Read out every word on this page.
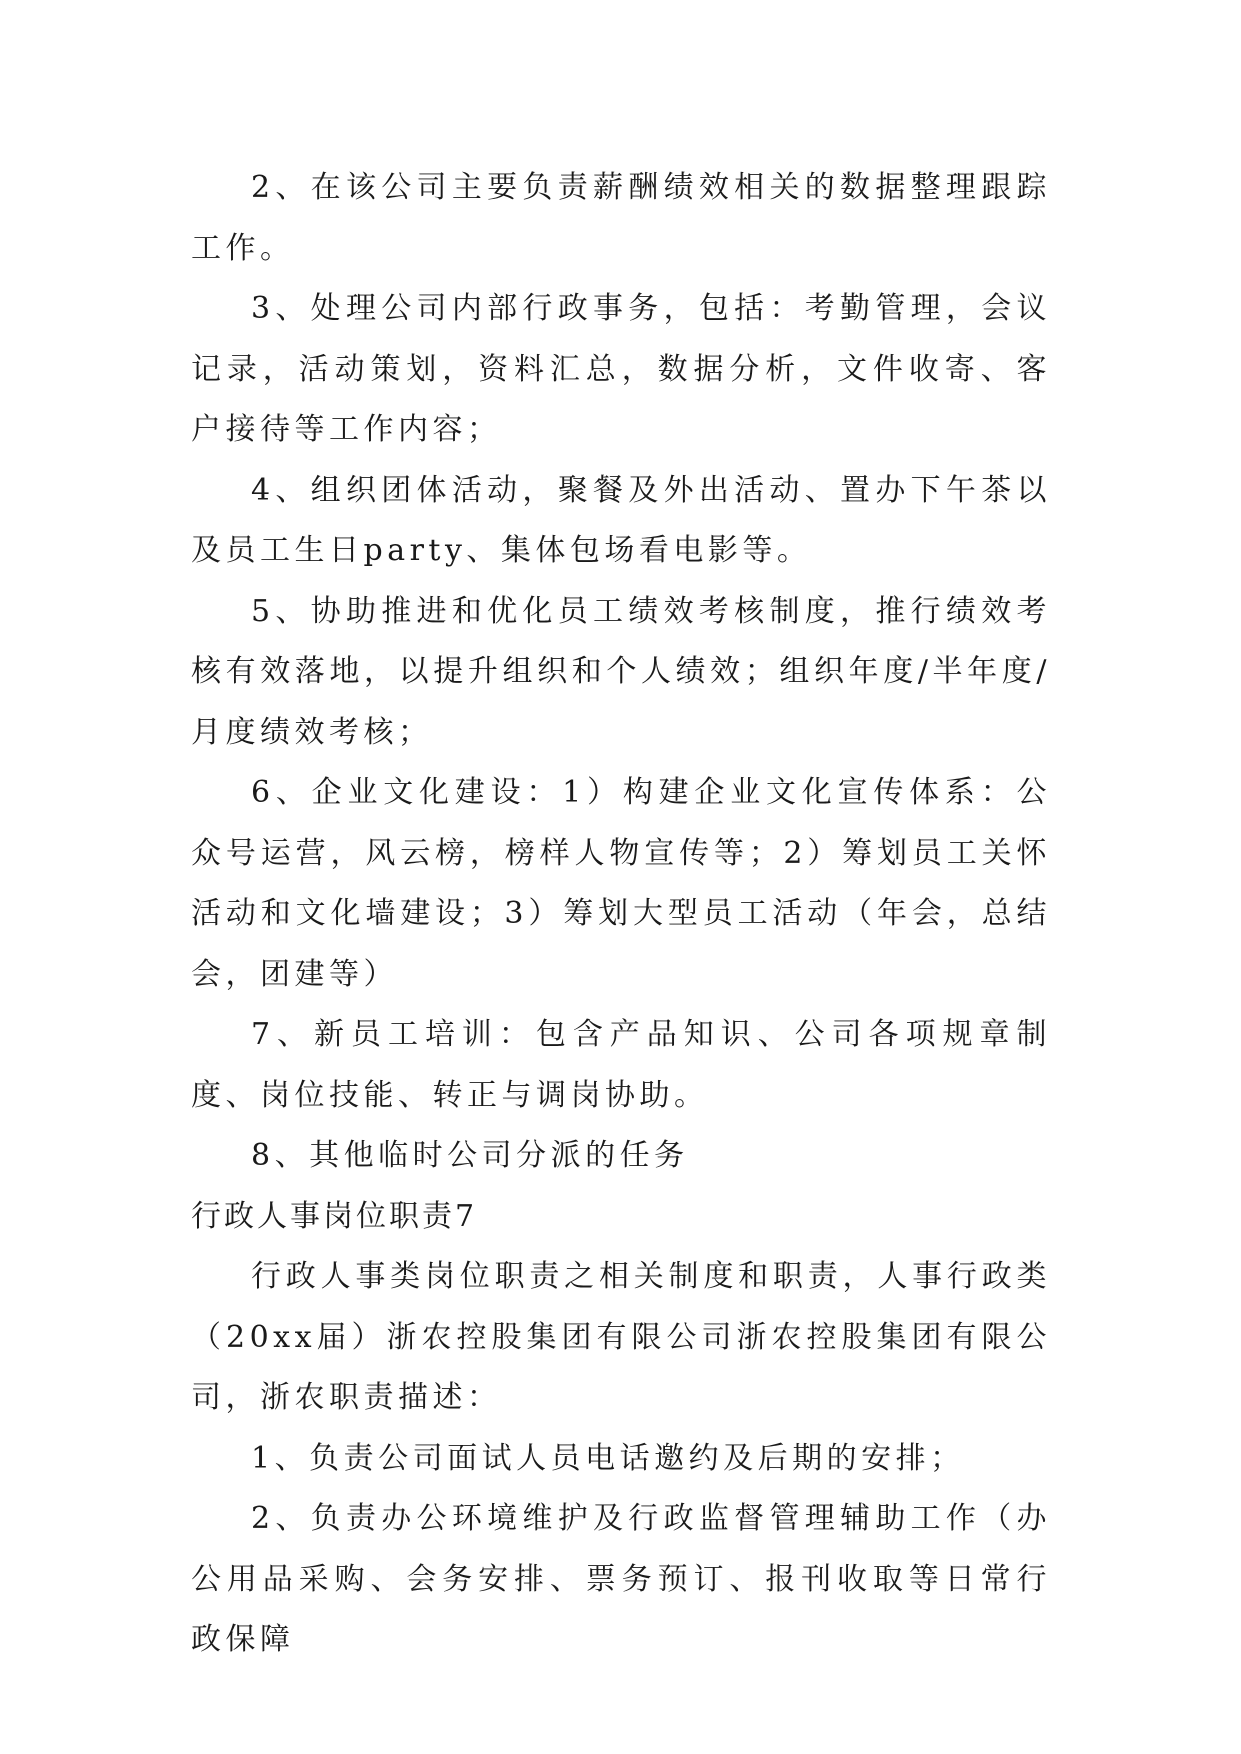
2、在该公司主要负责薪酬绩效相关的数据整理跟踪工作。

3、处理公司内部行政事务，包括：考勤管理，会议记录，活动策划，资料汇总，数据分析，文件收寄、客户接待等工作内容；

4、组织团体活动，聚餐及外出活动、置办下午茶以及员工生日party、集体包场看电影等。

5、协助推进和优化员工绩效考核制度，推行绩效考核有效落地，以提升组织和个人绩效；组织年度/半年度/月度绩效考核；

6、企业文化建设：1）构建企业文化宣传体系：公众号运营，风云榜，榜样人物宣传等；2）筹划员工关怀活动和文化墙建设；3）筹划大型员工活动（年会，总结会，团建等）

7、新员工培训：包含产品知识、公司各项规章制度、岗位技能、转正与调岗协助。

8、其他临时公司分派的任务

行政人事岗位职责7

行政人事类岗位职责之相关制度和职责，人事行政类（20xx届）浙农控股集团有限公司浙农控股集团有限公司，浙农职责描述：

1、负责公司面试人员电话邀约及后期的安排；

2、负责办公环境维护及行政监督管理辅助工作（办公用品采购、会务安排、票务预订、报刊收取等日常行政保障
